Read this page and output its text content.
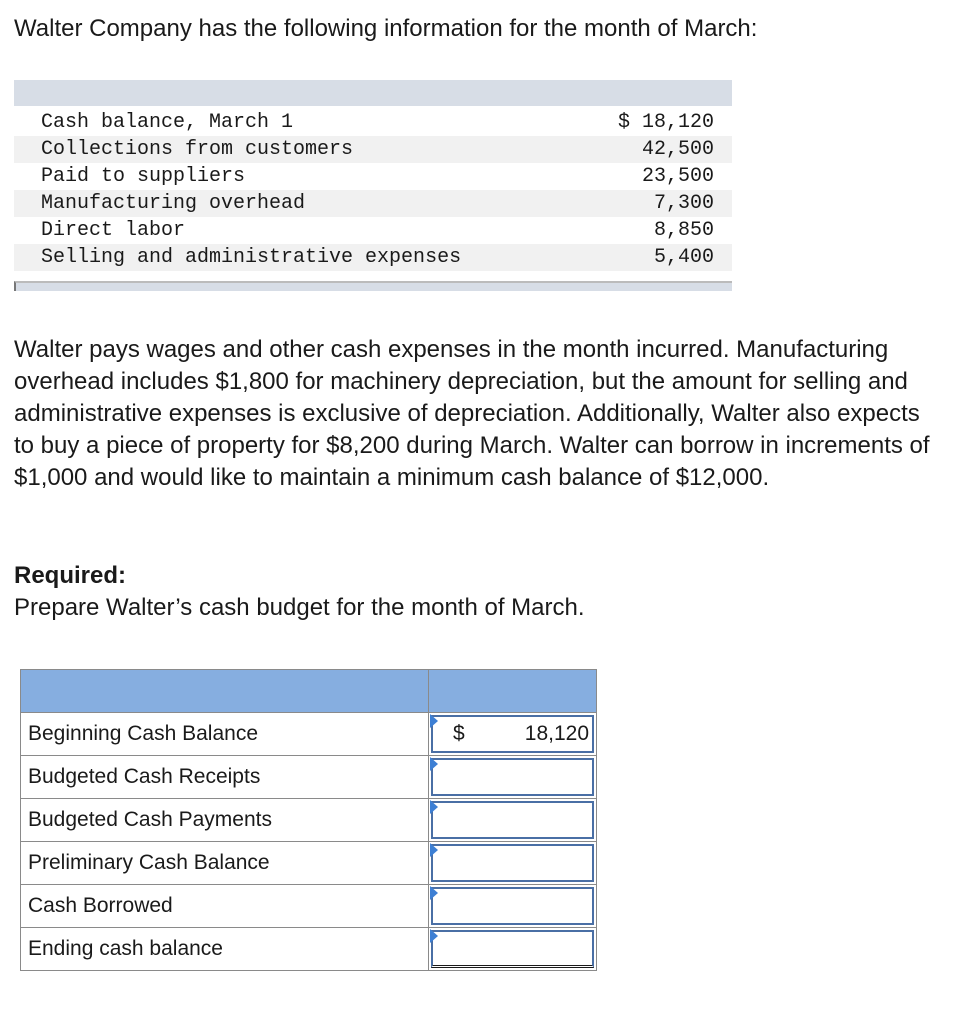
Walter Company has the following information for the month of March:

Cash balance, March 1	$ 18,120
Collections from customers	42,500
Paid to suppliers	23,500
Manufacturing overhead	7,300
Direct labor	8,850
Selling and administrative expenses	5,400

Walter pays wages and other cash expenses in the month incurred. Manufacturing overhead includes $1,800 for machinery depreciation, but the amount for selling and administrative expenses is exclusive of depreciation. Additionally, Walter also expects to buy a piece of property for $8,200 during March. Walter can borrow in increments of $1,000 and would like to maintain a minimum cash balance of $12,000.

Required:

Prepare Walter’s cash budget for the month of March.

Beginning Cash Balance	$ 18,120

Budgeted Cash Receipts	

Budgeted Cash Payments	

Preliminary Cash Balance	

Cash Borrowed	

Ending cash balance	
